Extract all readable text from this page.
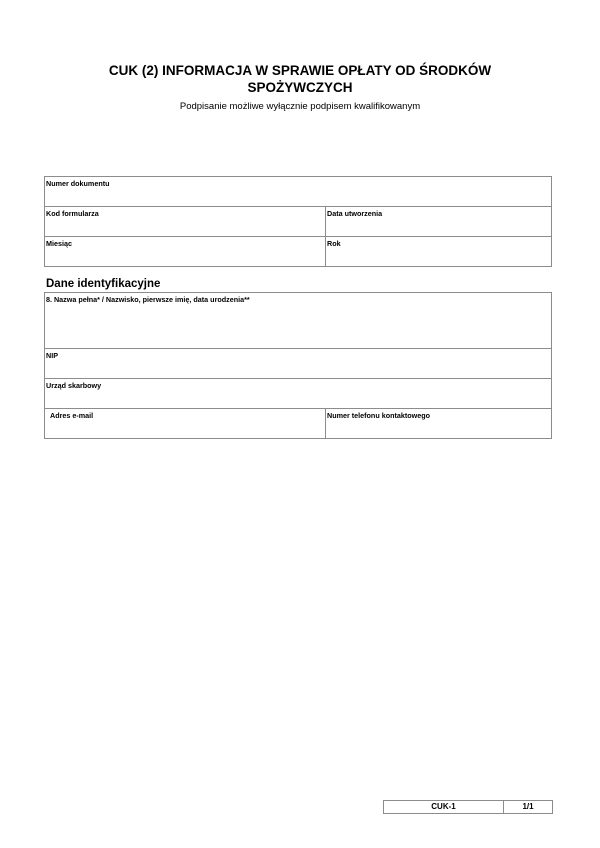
CUK (2) INFORMACJA W SPRAWIE OPŁATY OD ŚRODKÓW SPOŻYWCZYCH
Podpisanie możliwe wyłącznie podpisem kwalifikowanym
Numer dokumentu	
Kod formularza	Data utworzenia
Miesiąc	Rok
Dane identyfikacyjne
8. Nazwa pełna* / Nazwisko, pierwsze imię, data urodzenia**
NIP
Urząd skarbowy
Adres e-mail	Numer telefonu kontaktowego
CUK-1	1/1
